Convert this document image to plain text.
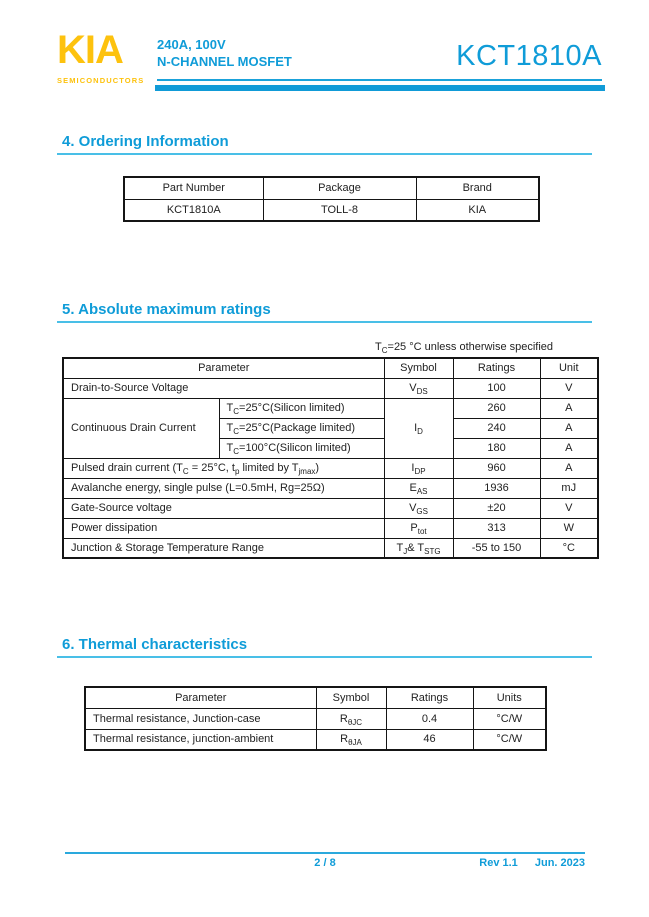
KIA
SEMICONDUCTORS
240A, 100V
N-CHANNEL MOSFET	KCT1810A
4. Ordering Information
Part Number	Package	Brand
KCT1810A	TOLL-8	KIA
5. Absolute maximum ratings
$T_C=25$ °C unless otherwise specified
Parameter		Symbol	Ratings	Unit
Drain-to-Source Voltage		$V_{DS}$	100	V
Continuous Drain Current	$T_C=25^\circ C(Silicon$ limited)	$I_D$	260	A
	$T_C=25^\circ C(Package$ limited)		240	A
	$T_C=100^\circ C(Silicon$ limited)		180	A
Pulsed drain current ($T_C = 25^\circ C$, $t_p$ limited by $T_{jmax}$)		$I_{DP}$	960	A
Avalanche energy, single pulse (L=0.5mH, Rg=25Ω)		$E_{AS}$	1936	mJ
Gate-Source voltage		$V_{GS}$	±20	V
Power dissipation		$P_{tot}$	313	W
Junction & Storage Temperature Range		$T_J\&$ $T_{STG}$	-55 to 150	°C
6. Thermal characteristics
Parameter	Symbol	Ratings	Units
Thermal resistance, Junction-case	$R_{\theta JC}$	0.4	°C/W
Thermal resistance, junction-ambient	$R_{\theta JA}$	46	°C/W
2 / 8	Rev 1.1 Jun. 2023
